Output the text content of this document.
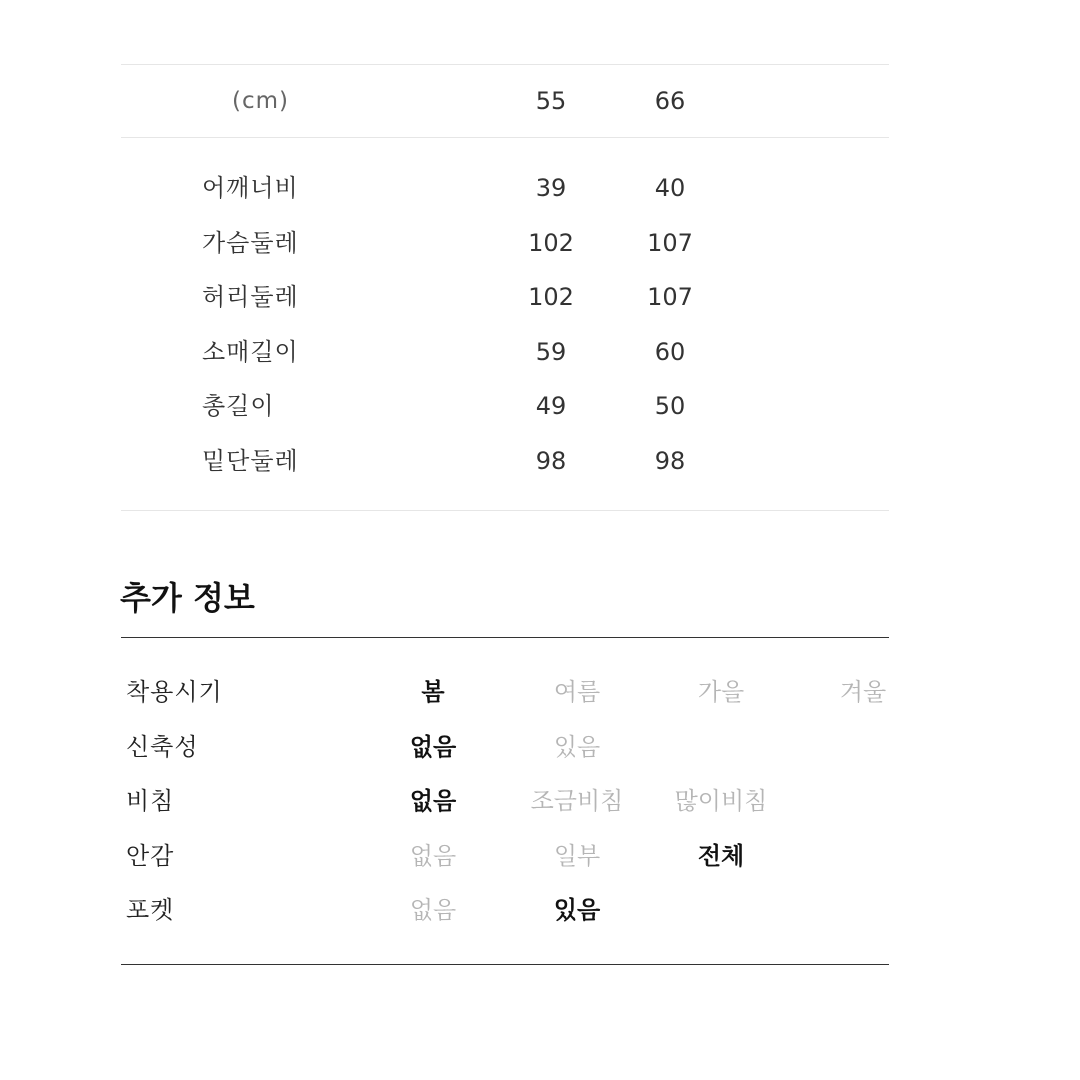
(cm)	55	66
어깨너비	39	40
가슴둘레	102	107
허리둘레	102	107
소매길이	59	60
총길이	49	50
밑단둘레	98	98
추가 정보
착용시기	봄	여름	가을	겨울
신축성	없음	있음
비침	없음	조금비침	많이비침
안감	없음	일부	전체
포켓	없음	있음
